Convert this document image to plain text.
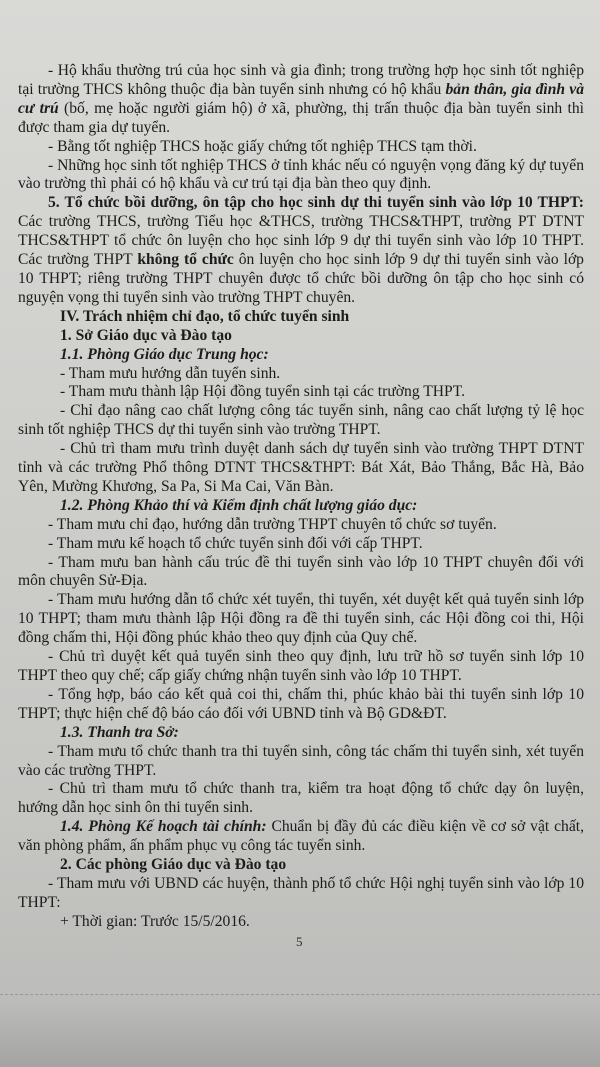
- Hộ khẩu thường trú của học sinh và gia đình; trong trường hợp học sinh tốt nghiệp tại trường THCS không thuộc địa bàn tuyển sinh nhưng có hộ khẩu bản thân, gia đình và cư trú (bố, mẹ hoặc người giám hộ) ở xã, phường, thị trấn thuộc địa bàn tuyển sinh thì được tham gia dự tuyển.

- Bằng tốt nghiệp THCS hoặc giấy chứng tốt nghiệp THCS tạm thời.

- Những học sinh tốt nghiệp THCS ở tỉnh khác nếu có nguyện vọng đăng ký dự tuyển vào trường thì phải có hộ khẩu và cư trú tại địa bàn theo quy định.

5. Tổ chức bồi dưỡng, ôn tập cho học sinh dự thi tuyển sinh vào lớp 10 THPT: Các trường THCS, trường Tiểu học &THCS, trường THCS&THPT, trường PT DTNT THCS&THPT tổ chức ôn luyện cho học sinh lớp 9 dự thi tuyển sinh vào lớp 10 THPT. Các trường THPT không tổ chức ôn luyện cho học sinh lớp 9 dự thi tuyển sinh vào lớp 10 THPT; riêng trường THPT chuyên được tổ chức bồi dưỡng ôn tập cho học sinh có nguyện vọng thi tuyển sinh vào trường THPT chuyên.

IV. Trách nhiệm chỉ đạo, tổ chức tuyển sinh

1. Sở Giáo dục và Đào tạo

1.1. Phòng Giáo dục Trung học:

- Tham mưu hướng dẫn tuyển sinh.

- Tham mưu thành lập Hội đồng tuyển sinh tại các trường THPT.

- Chỉ đạo nâng cao chất lượng công tác tuyển sinh, nâng cao chất lượng tỷ lệ học sinh tốt nghiệp THCS dự thi tuyển sinh vào trường THPT.

- Chủ trì tham mưu trình duyệt danh sách dự tuyển sinh vào trường THPT DTNT tỉnh và các trường Phổ thông DTNT THCS&THPT: Bát Xát, Bảo Thắng, Bắc Hà, Bảo Yên, Mường Khương, Sa Pa, Si Ma Cai, Văn Bàn.

1.2. Phòng Khảo thí và Kiểm định chất lượng giáo dục:

- Tham mưu chỉ đạo, hướng dẫn trường THPT chuyên tổ chức sơ tuyển.

- Tham mưu kế hoạch tổ chức tuyển sinh đối với cấp THPT.

- Tham mưu ban hành cấu trúc đề thi tuyển sinh vào lớp 10 THPT chuyên đối với môn chuyên Sử-Địa.

- Tham mưu hướng dẫn tổ chức xét tuyển, thi tuyển, xét duyệt kết quả tuyển sinh lớp 10 THPT; tham mưu thành lập Hội đồng ra đề thi tuyển sinh, các Hội đồng coi thi, Hội đồng chấm thi, Hội đồng phúc khảo theo quy định của Quy chế.

- Chủ trì duyệt kết quả tuyển sinh theo quy định, lưu trữ hồ sơ tuyển sinh lớp 10 THPT theo quy chế; cấp giấy chứng nhận tuyển sinh vào lớp 10 THPT.

- Tổng hợp, báo cáo kết quả coi thi, chấm thi, phúc khảo bài thi tuyển sinh lớp 10 THPT; thực hiện chế độ báo cáo đối với UBND tỉnh và Bộ GD&ĐT.

1.3. Thanh tra Sở:

- Tham mưu tổ chức thanh tra thi tuyển sinh, công tác chấm thi tuyển sinh, xét tuyển vào các trường THPT.

- Chủ trì tham mưu tổ chức thanh tra, kiểm tra hoạt động tổ chức dạy ôn luyện, hướng dẫn học sinh ôn thi tuyển sinh.

1.4. Phòng Kế hoạch tài chính: Chuẩn bị đầy đủ các điều kiện về cơ sở vật chất, văn phòng phẩm, ấn phẩm phục vụ công tác tuyển sinh.

2. Các phòng Giáo dục và Đào tạo

- Tham mưu với UBND các huyện, thành phố tổ chức Hội nghị tuyển sinh vào lớp 10 THPT:

+ Thời gian: Trước 15/5/2016.

5
